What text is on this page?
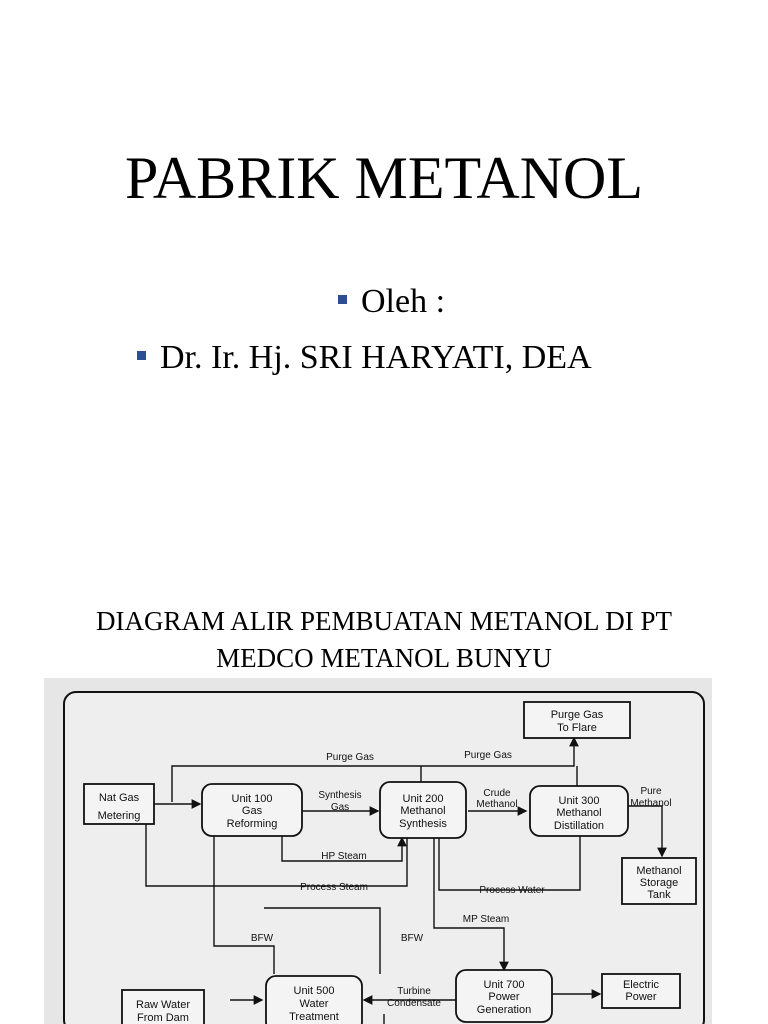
PABRIK METANOL
Oleh :
Dr. Ir. Hj. SRI HARYATI, DEA
DIAGRAM ALIR PEMBUATAN METANOL DI PT
MEDCO METANOL BUNYU
Nat Gas Metering
Unit 100 Gas Reforming
Unit 200 Methanol Synthesis
Unit 300 Methanol Distillation
Purge Gas To Flare
Methanol Storage Tank
Raw Water From Dam
Unit 500 Water Treatment
Unit 700 Power Generation
Electric Power
Purge Gas	Purge Gas
Synthesis Gas
Crude Methanol
Pure Methanol
HP Steam
Process Steam	Process Water
MP Steam
BFW	BFW
Turbine Condensate
